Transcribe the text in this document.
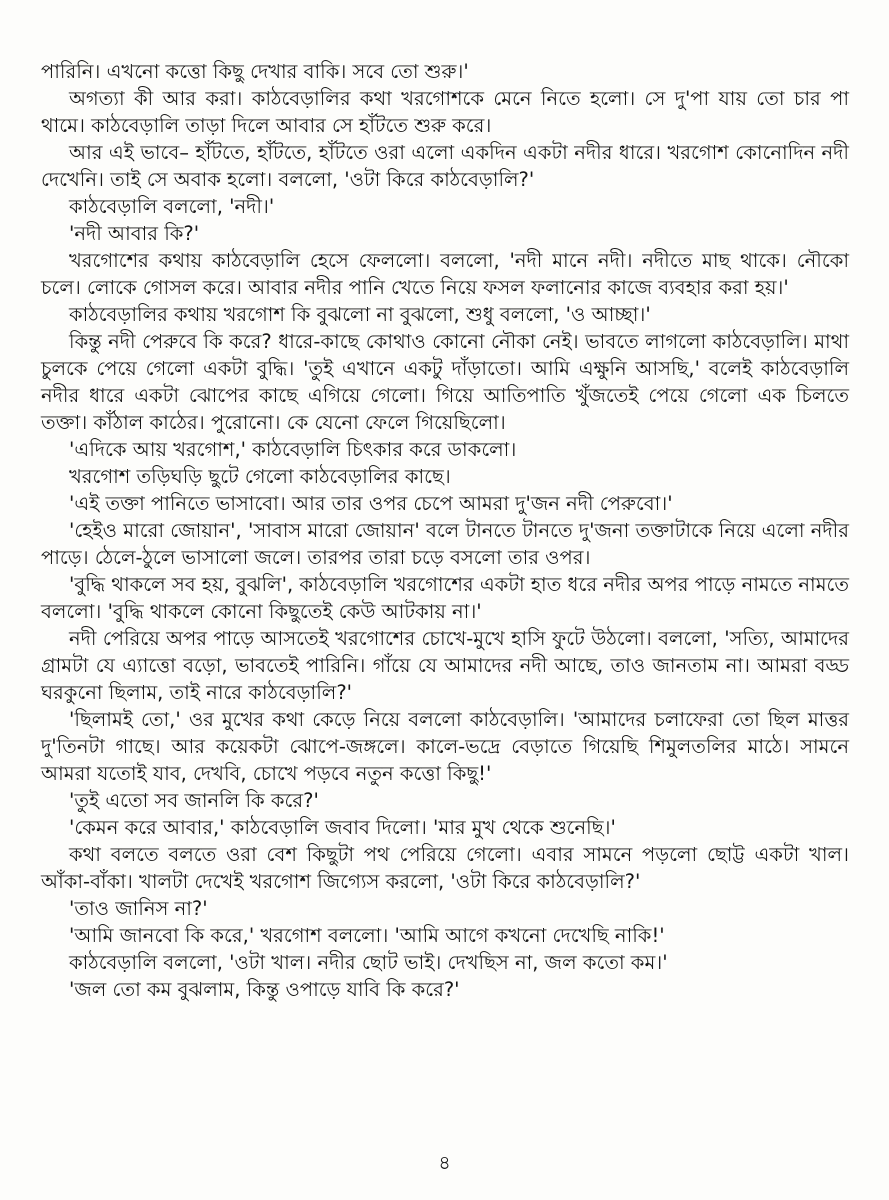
পারিনি। এখনো কত্তো কিছু দেখার বাকি। সবে তো শুরু।'

অগত্যা কী আর করা। কাঠবেড়ালির কথা খরগোশকে মেনে নিতে হলো। সে দু'পা যায় তো চার পা থামে। কাঠবেড়ালি তাড়া দিলে আবার সে হাঁটতে শুরু করে।

আর এই ভাবে– হাঁটতে, হাঁটতে, হাঁটতে ওরা এলো একদিন একটা নদীর ধারে। খরগোশ কোনোদিন নদী দেখেনি। তাই সে অবাক হলো। বললো, 'ওটা কিরে কাঠবেড়ালি?'

কাঠবেড়ালি বললো, 'নদী।'

'নদী আবার কি?'

খরগোশের কথায় কাঠবেড়ালি হেসে ফেললো। বললো, 'নদী মানে নদী। নদীতে মাছ থাকে। নৌকো চলে। লোকে গোসল করে। আবার নদীর পানি খেতে নিয়ে ফসল ফলানোর কাজে ব্যবহার করা হয়।'

কাঠবেড়ালির কথায় খরগোশ কি বুঝলো না বুঝলো, শুধু বললো, 'ও আচ্ছা।'

কিন্তু নদী পেরুবে কি করে? ধারে-কাছে কোথাও কোনো নৌকা নেই। ভাবতে লাগলো কাঠবেড়ালি। মাথা চুলকে পেয়ে গেলো একটা বুদ্ধি। 'তুই এখানে একটু দাঁড়াতো। আমি এক্ষুনি আসছি,' বলেই কাঠবেড়ালি নদীর ধারে একটা ঝোপের কাছে এগিয়ে গেলো। গিয়ে আতিপাতি খুঁজতেই পেয়ে গেলো এক চিলতে তক্তা। কাঁঠাল কাঠের। পুরোনো। কে যেনো ফেলে গিয়েছিলো।

'এদিকে আয় খরগোশ,' কাঠবেড়ালি চিৎকার করে ডাকলো।

খরগোশ তড়িঘড়ি ছুটে গেলো কাঠবেড়ালির কাছে।

'এই তক্তা পানিতে ভাসাবো। আর তার ওপর চেপে আমরা দু'জন নদী পেরুবো।'

'হেইও মারো জোয়ান', 'সাবাস মারো জোয়ান' বলে টানতে টানতে দু'জনা তক্তাটাকে নিয়ে এলো নদীর পাড়ে। ঠেলে-ঠুলে ভাসালো জলে। তারপর তারা চড়ে বসলো তার ওপর।

'বুদ্ধি থাকলে সব হয়, বুঝলি', কাঠবেড়ালি খরগোশের একটা হাত ধরে নদীর অপর পাড়ে নামতে নামতে বললো। 'বুদ্ধি থাকলে কোনো কিছুতেই কেউ আটকায় না।'

নদী পেরিয়ে অপর পাড়ে আসতেই খরগোশের চোখে-মুখে হাসি ফুটে উঠলো। বললো, 'সত্যি, আমাদের গ্রামটা যে এ্যাত্তো বড়ো, ভাবতেই পারিনি। গাঁয়ে যে আমাদের নদী আছে, তাও জানতাম না। আমরা বড্ড ঘরকুনো ছিলাম, তাই নারে কাঠবেড়ালি?'

'ছিলামই তো,' ওর মুখের কথা কেড়ে নিয়ে বললো কাঠবেড়ালি। 'আমাদের চলাফেরা তো ছিল মাত্তর দু'তিনটা গাছে। আর কয়েকটা ঝোপে-জঙ্গলে। কালে-ভদ্রে বেড়াতে গিয়েছি শিমুলতলির মাঠে। সামনে আমরা যতোই যাব, দেখবি, চোখে পড়বে নতুন কত্তো কিছু!'

'তুই এতো সব জানলি কি করে?'

'কেমন করে আবার,' কাঠবেড়ালি জবাব দিলো। 'মার মুখ থেকে শুনেছি।'

কথা বলতে বলতে ওরা বেশ কিছুটা পথ পেরিয়ে গেলো। এবার সামনে পড়লো ছোট্ট একটা খাল। আঁকা-বাঁকা। খালটা দেখেই খরগোশ জিগ্যেস করলো, 'ওটা কিরে কাঠবেড়ালি?'

'তাও জানিস না?'

'আমি জানবো কি করে,' খরগোশ বললো। 'আমি আগে কখনো দেখেছি নাকি!'

কাঠবেড়ালি বললো, 'ওটা খাল। নদীর ছোট ভাই। দেখছিস না, জল কতো কম।'

'জল তো কম বুঝলাম, কিন্তু ওপাড়ে যাবি কি করে?'

৪
